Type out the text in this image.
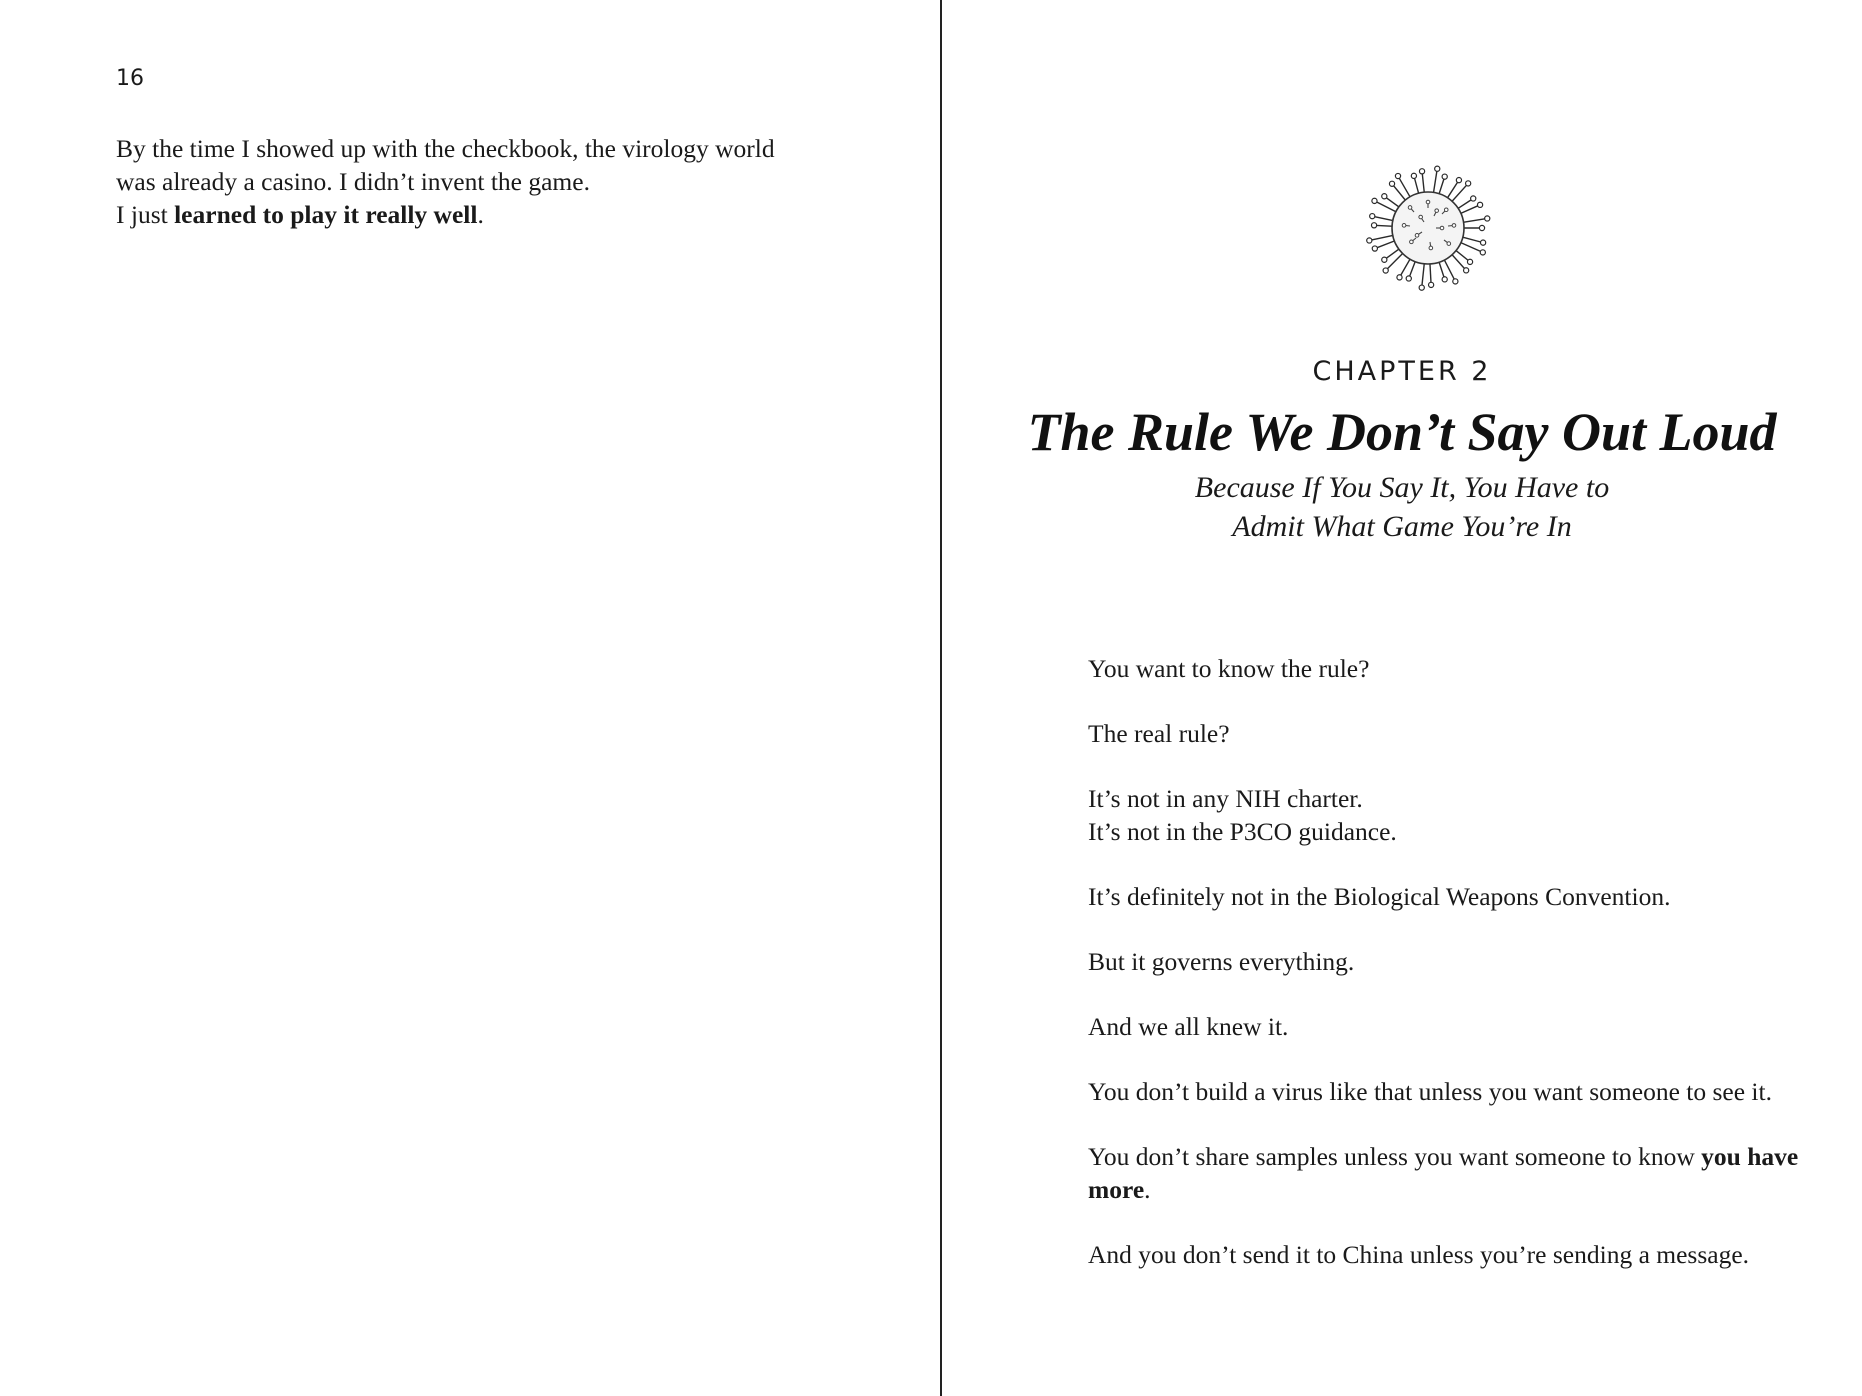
16
By the time I showed up with the checkbook, the virology world
was already a casino. I didn’t invent the game.
I just learned to play it really well.
CHAPTER 2
The Rule We Don’t Say Out Loud
Because If You Say It, You Have to
Admit What Game You’re In

You want to know the rule?

The real rule?

It’s not in any NIH charter.
It’s not in the P3CO guidance.

It’s definitely not in the Biological Weapons Convention.

But it governs everything.

And we all knew it.

You don’t build a virus like that unless you want someone to see it.

You don’t share samples unless you want someone to know you have more.

And you don’t send it to China unless you’re sending a message.
